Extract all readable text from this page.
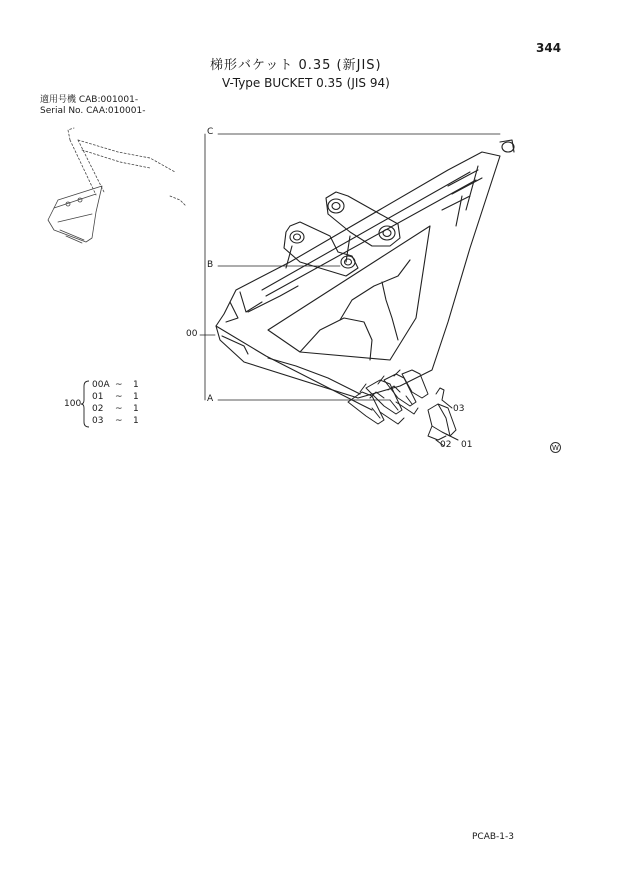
344
梯形バケット 0.35 (新JIS)
V-Type BUCKET 0.35 (JIS 94)
適用号機 CAB:001001-
Serial No. CAA:010001-
C
B
A
00
100
00A ~ 1
01 ~ 1
02 ~ 1
03 ~ 1
03
02 01	W
PCAB-1-3
